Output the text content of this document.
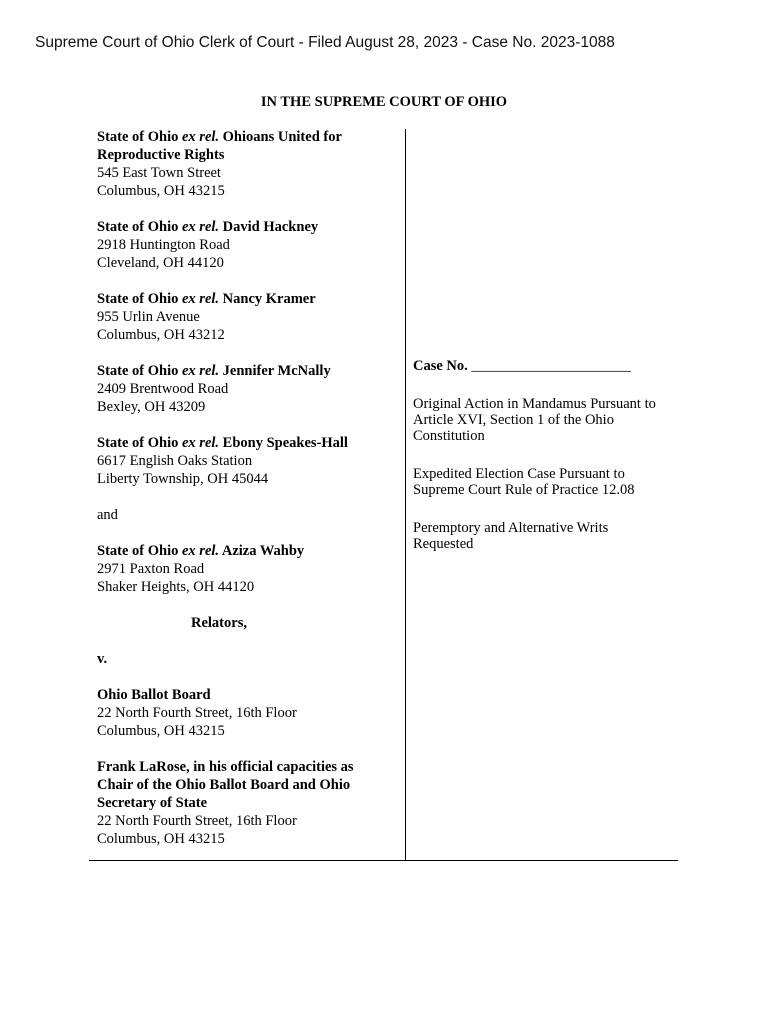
Supreme Court of Ohio Clerk of Court - Filed August 28, 2023 - Case No. 2023-1088
IN THE SUPREME COURT OF OHIO

State of Ohio ex rel. Ohioans United for

Reproductive Rights

545 East Town Street

Columbus, OH 43215

State of Ohio ex rel. David Hackney

2918 Huntington Road

Cleveland, OH 44120

State of Ohio ex rel. Nancy Kramer

955 Urlin Avenue

Columbus, OH 43212

State of Ohio ex rel. Jennifer McNally

2409 Brentwood Road

Bexley, OH 43209

State of Ohio ex rel. Ebony Speakes-Hall

6617 English Oaks Station

Liberty Township, OH 45044

and

State of Ohio ex rel. Aziza Wahby

2971 Paxton Road

Shaker Heights, OH 44120

Relators,
v.

Ohio Ballot Board

22 North Fourth Street, 16th Floor

Columbus, OH 43215

Frank LaRose, in his official capacities as

Chair of the Ohio Ballot Board and Ohio

Secretary of State

22 North Fourth Street, 16th Floor

Columbus, OH 43215

Case No. ______________________

Original Action in Mandamus Pursuant to

Article XVI, Section 1 of the Ohio

Constitution

Expedited Election Case Pursuant to

Supreme Court Rule of Practice 12.08

Peremptory and Alternative Writs

Requested
